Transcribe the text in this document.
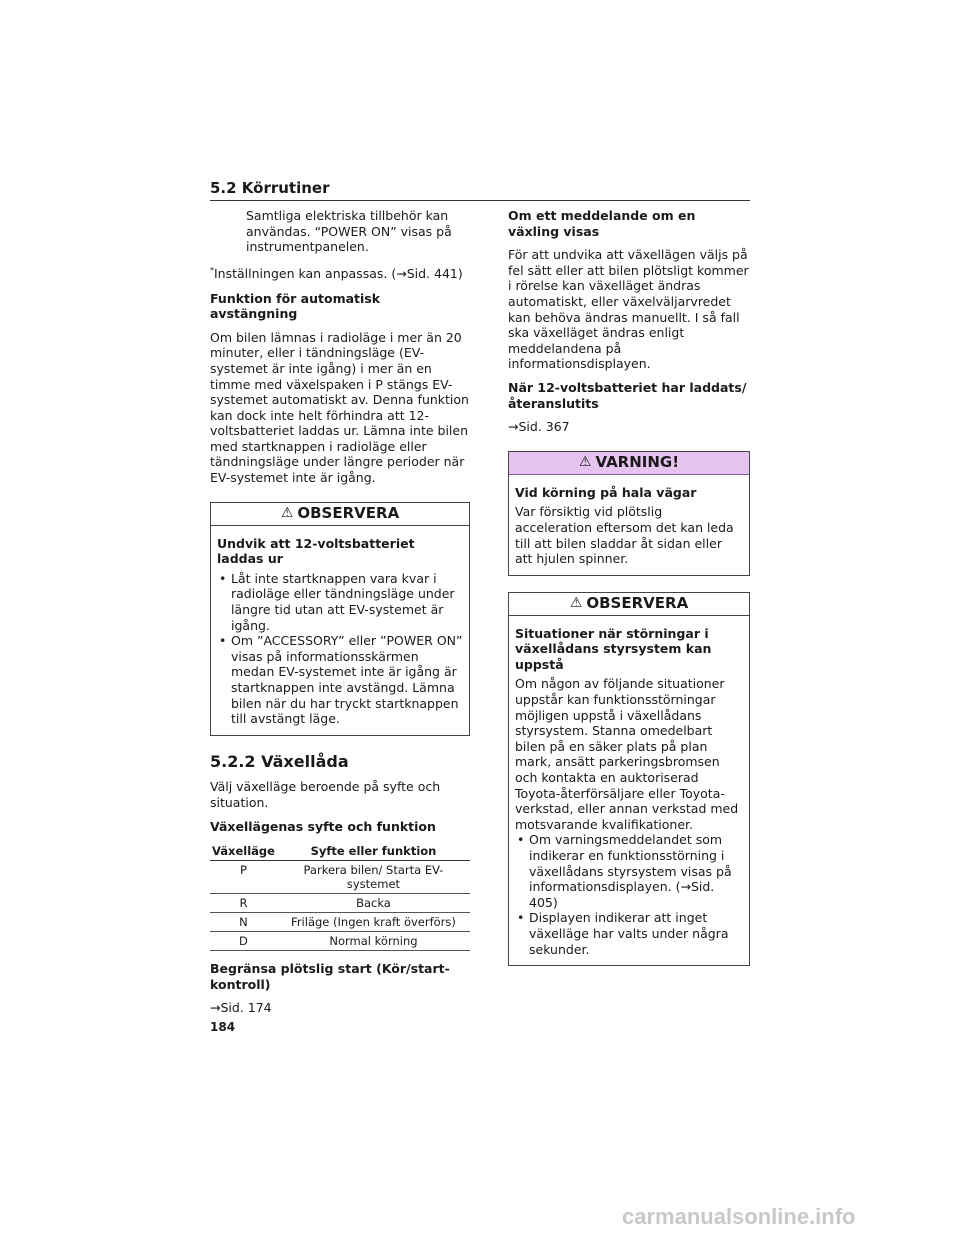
5.2 Körrutiner

Samtliga elektriska tillbehör kan användas. “POWER ON” visas på instrumentpanelen.

*Inställningen kan anpassas. (→Sid. 441)

Funktion för automatisk avstängning

Om bilen lämnas i radioläge i mer än 20 minuter, eller i tändningsläge (EV-systemet är inte igång) i mer än en timme med växelspaken i P stängs EV-systemet automatiskt av. Denna funktion kan dock inte helt förhindra att 12-voltsbatteriet laddas ur. Lämna inte bilen med startknappen i radioläge eller tändningsläge under längre perioder när EV-systemet inte är igång.

⚠ OBSERVERA
Undvik att 12-voltsbatteriet laddas ur
• Låt inte startknappen vara kvar i radioläge eller tändningsläge under längre tid utan att EV-systemet är igång.
• Om ”ACCESSORY” eller ”POWER ON” visas på informationsskärmen medan EV-systemet inte är igång är startknappen inte avstängd. Lämna bilen när du har tryckt startknappen till avstängt läge.
5.2.2 Växellåda

Välj växelläge beroende på syfte och situation.

Växellägenas syfte och funktion

Växelläge	Syfte eller funktion
P	Parkera bilen/ Starta EV-systemet
R	Backa
N	Friläge (Ingen kraft överförs)
D	Normal körning

Begränsa plötslig start (Kör/start-kontroll)

→Sid. 174

Om ett meddelande om en växling visas

För att undvika att växellägen väljs på fel sätt eller att bilen plötsligt kommer i rörelse kan växelläget ändras automatiskt, eller växelväljarvredet kan behöva ändras manuellt. I så fall ska växelläget ändras enligt meddelandena på informationsdisplayen.

När 12-voltsbatteriet har laddats/återanslutits

→Sid. 367

⚠ VARNING!
Vid körning på hala vägar
Var försiktig vid plötslig acceleration eftersom det kan leda till att bilen sladdar åt sidan eller att hjulen spinner.
⚠ OBSERVERA
Situationer när störningar i växellådans styrsystem kan uppstå
Om någon av följande situationer uppstår kan funktionsstörningar möjligen uppstå i växellådans styrsystem. Stanna omedelbart bilen på en säker plats på plan mark, ansätt parkeringsbromsen och kontakta en auktoriserad Toyota-återförsäljare eller Toyota-verkstad, eller annan verkstad med motsvarande kvalifikationer.
• Om varningsmeddelandet som indikerar en funktionsstörning i växellådans styrsystem visas på informationsdisplayen. (→Sid. 405)
• Displayen indikerar att inget växelläge har valts under några sekunder.
184
carmanualsonline.info
